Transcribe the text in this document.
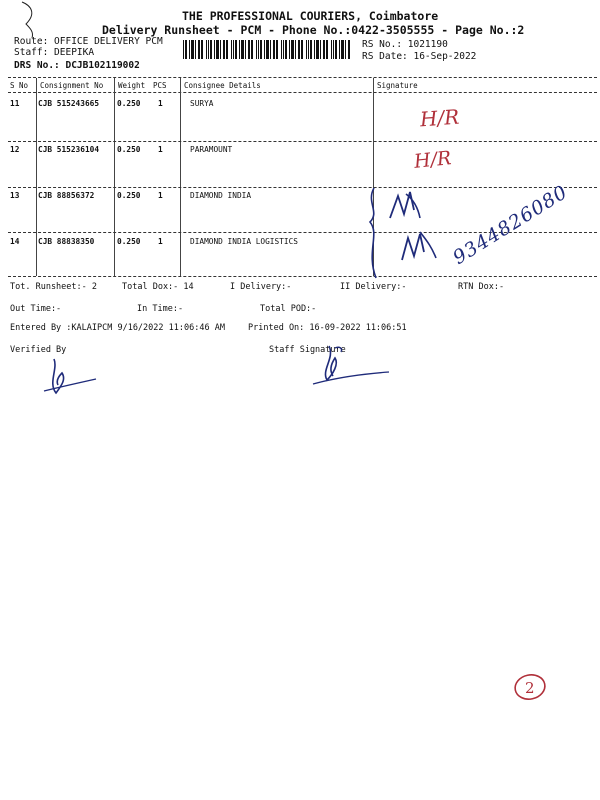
THE PROFESSIONAL COURIERS, Coimbatore
Delivery Runsheet - PCM - Phone No.:0422-3505555 - Page No.:2
Route: OFFICE DELIVERY PCM
Staff: DEEPIKA
DRS No.: DCJB102119002
RS No.: 1021190
RS Date: 16-Sep-2022
S No Consignment No Weight PCS Consignee Details	Signature
11 CJB 515243665 0.250 1	SURYA
12 CJB 515236104 0.250 1	PARAMOUNT
13 CJB 88856372	0.250 1	DIAMOND INDIA
14 CJB 88838350	0.250 1	DIAMOND INDIA LOGISTICS
H/R
H/R
9344826080
Tot. Runsheet:- 2	Total Dox:- 14	I Delivery:-	II Delivery:-	RTN Dox:-
Out Time:-	In Time:-	Total POD:-
Entered By :KALAIPCM 9/16/2022 11:06:46 AM	Printed On: 16-09-2022 11:06:51
Verified By	Staff Signature
2
